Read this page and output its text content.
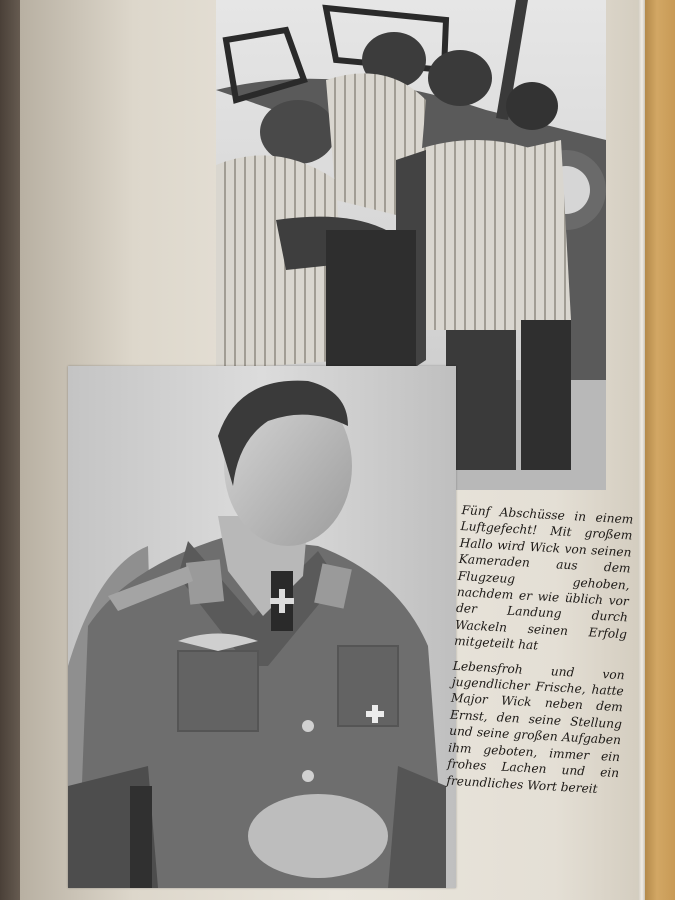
Fünf Abschüsse in einem Luftgefecht! Mit großem Hallo wird Wick von seinen Kameraden aus dem Flugzeug gehoben, nachdem er wie üblich vor der Landung durch Wackeln seinen Erfolg mitgeteilt hat

Lebensfroh und von jugendlicher Frische, hatte Major Wick neben dem Ernst, den seine Stellung und seine großen Aufgaben ihm geboten, immer ein frohes Lachen und ein freundliches Wort bereit
